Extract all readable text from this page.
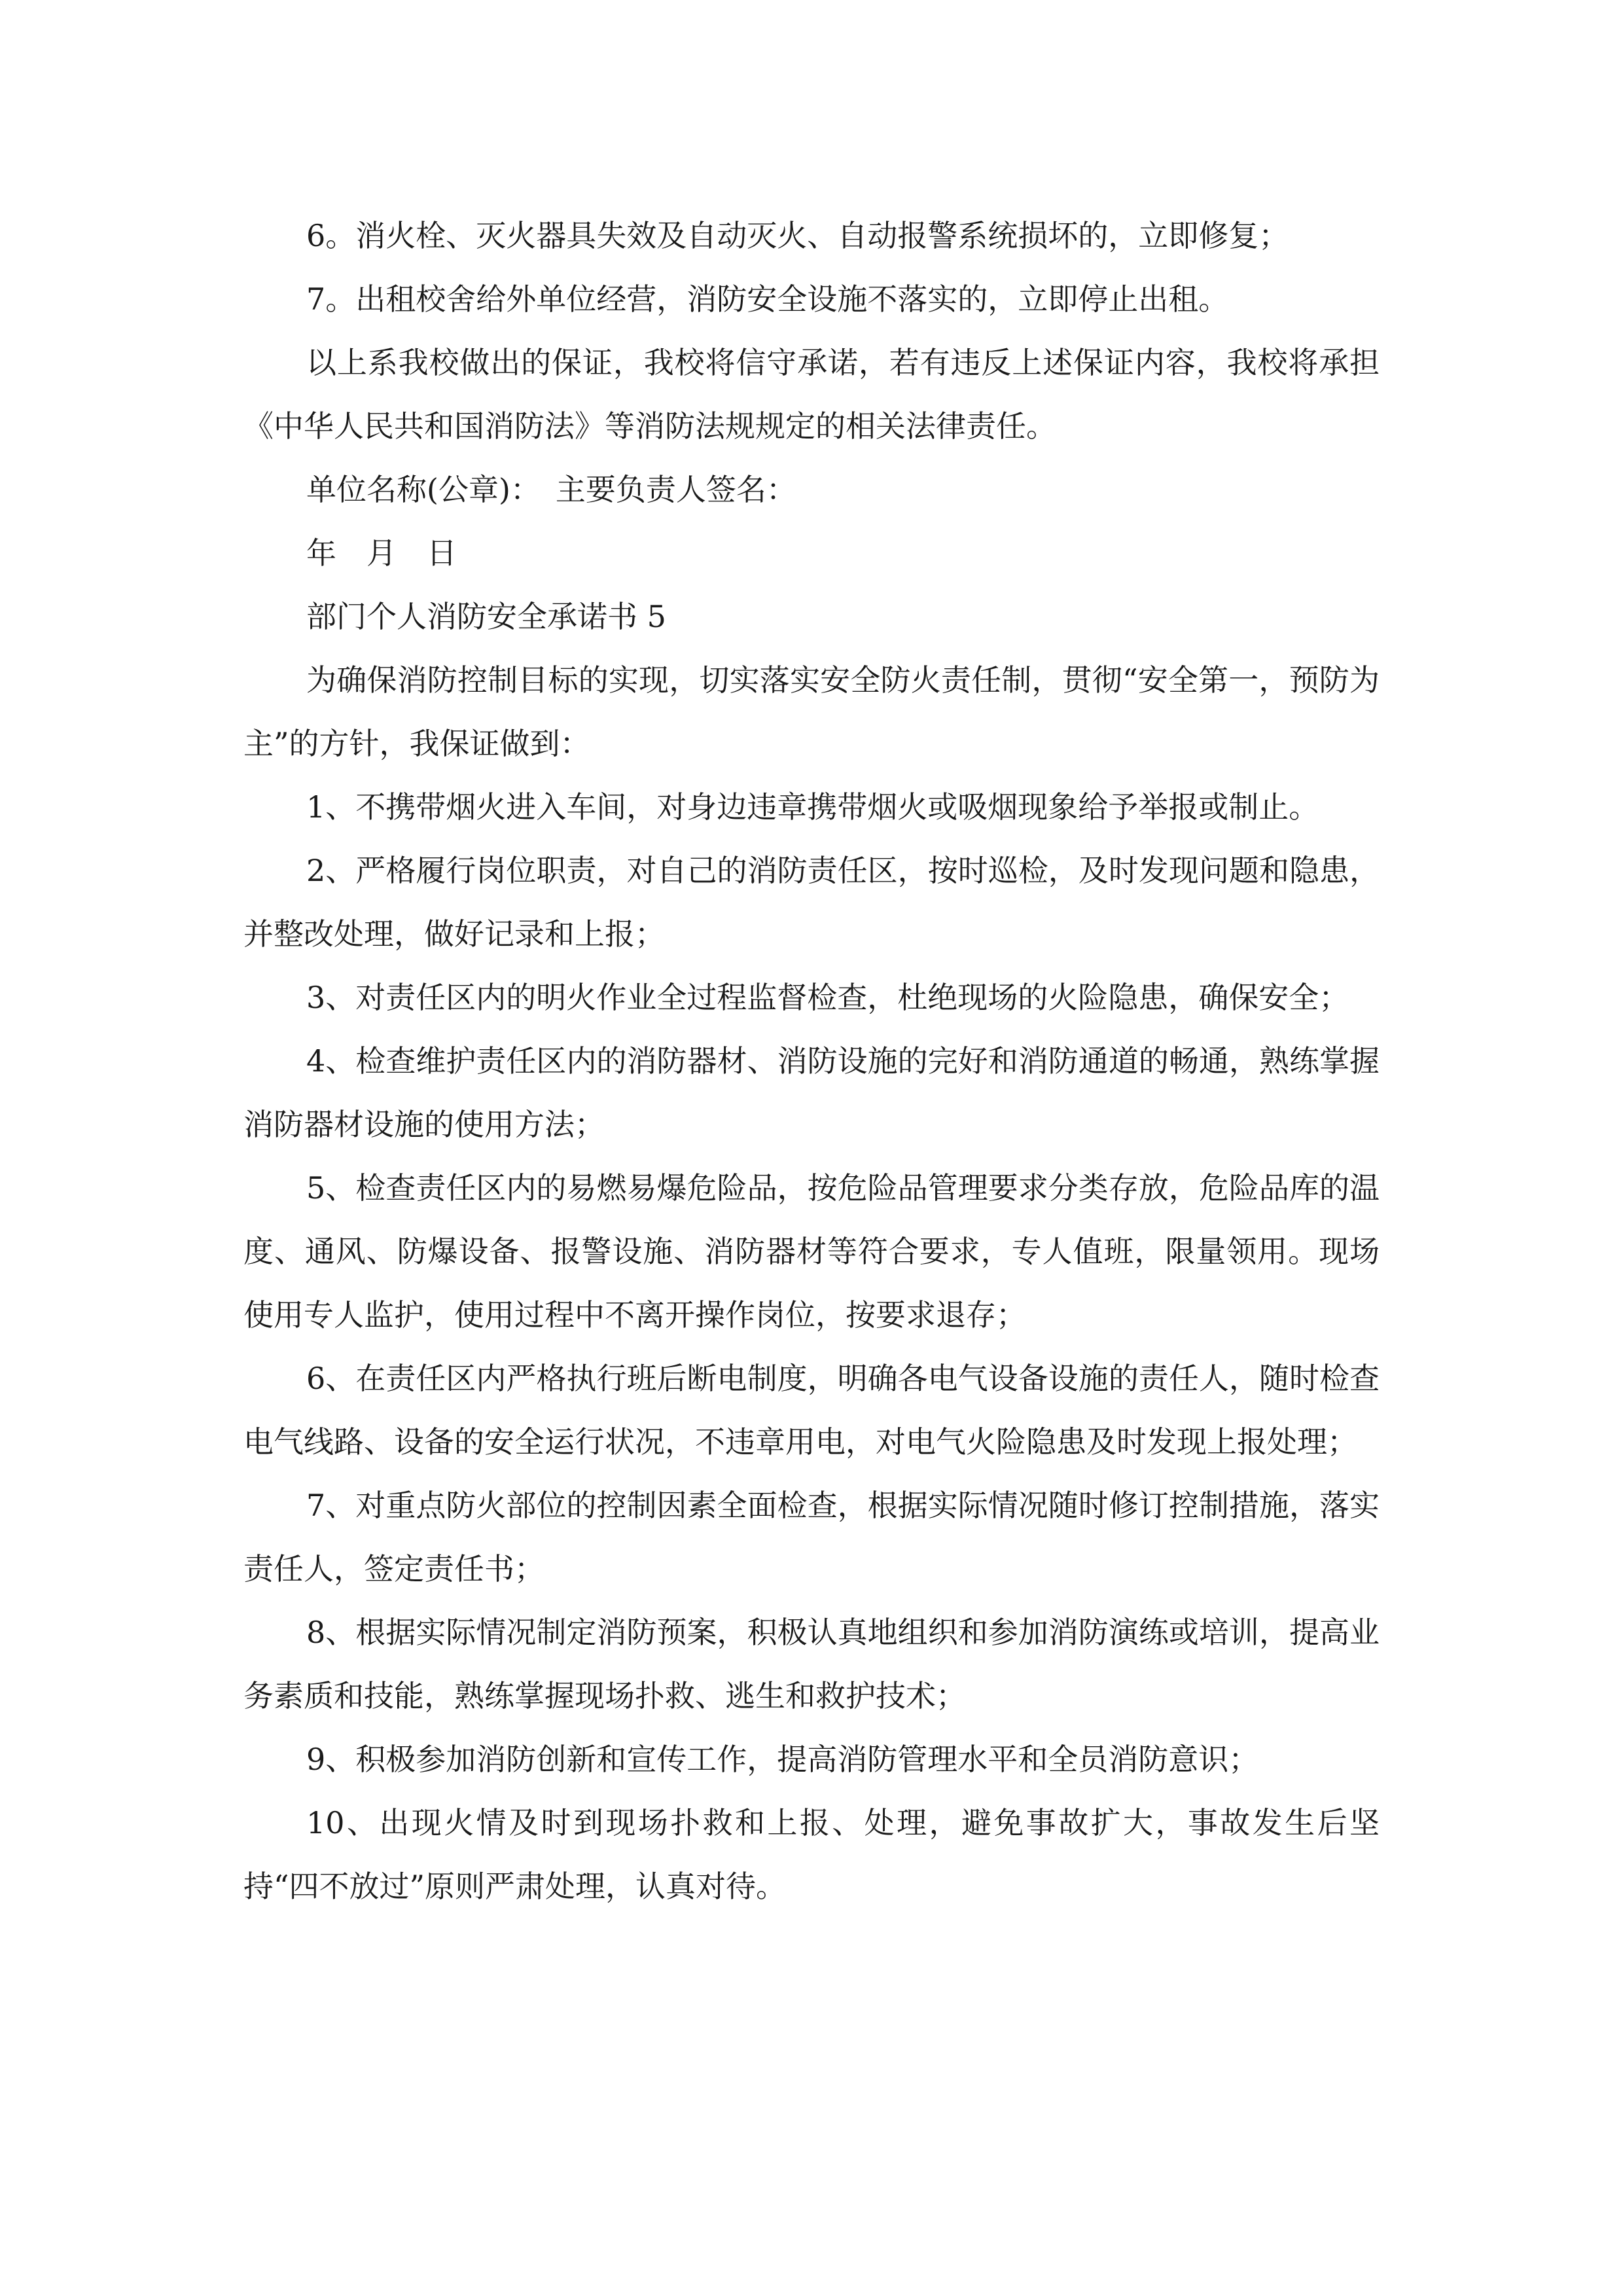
6。消火栓、灭火器具失效及自动灭火、自动报警系统损坏的，立即修复；

7。出租校舍给外单位经营，消防安全设施不落实的，立即停止出租。

以上系我校做出的保证，我校将信守承诺，若有违反上述保证内容，我校将承担《中华人民共和国消防法》等消防法规规定的相关法律责任。

单位名称(公章)：　主要负责人签名：

年　月　日

部门个人消防安全承诺书 5

为确保消防控制目标的实现，切实落实安全防火责任制，贯彻“安全第一，预防为主”的方针，我保证做到：

1、不携带烟火进入车间，对身边违章携带烟火或吸烟现象给予举报或制止。

2、严格履行岗位职责，对自己的消防责任区，按时巡检，及时发现问题和隐患，并整改处理，做好记录和上报；

3、对责任区内的明火作业全过程监督检查，杜绝现场的火险隐患，确保安全；

4、检查维护责任区内的消防器材、消防设施的完好和消防通道的畅通，熟练掌握消防器材设施的使用方法；

5、检查责任区内的易燃易爆危险品，按危险品管理要求分类存放，危险品库的温度、通风、防爆设备、报警设施、消防器材等符合要求，专人值班，限量领用。现场使用专人监护，使用过程中不离开操作岗位，按要求退存；

6、在责任区内严格执行班后断电制度，明确各电气设备设施的责任人，随时检查电气线路、设备的安全运行状况，不违章用电，对电气火险隐患及时发现上报处理；

7、对重点防火部位的控制因素全面检查，根据实际情况随时修订控制措施，落实责任人，签定责任书；

8、根据实际情况制定消防预案，积极认真地组织和参加消防演练或培训，提高业务素质和技能，熟练掌握现场扑救、逃生和救护技术；

9、积极参加消防创新和宣传工作，提高消防管理水平和全员消防意识；

10、出现火情及时到现场扑救和上报、处理，避免事故扩大，事故发生后坚持“四不放过”原则严肃处理，认真对待。
